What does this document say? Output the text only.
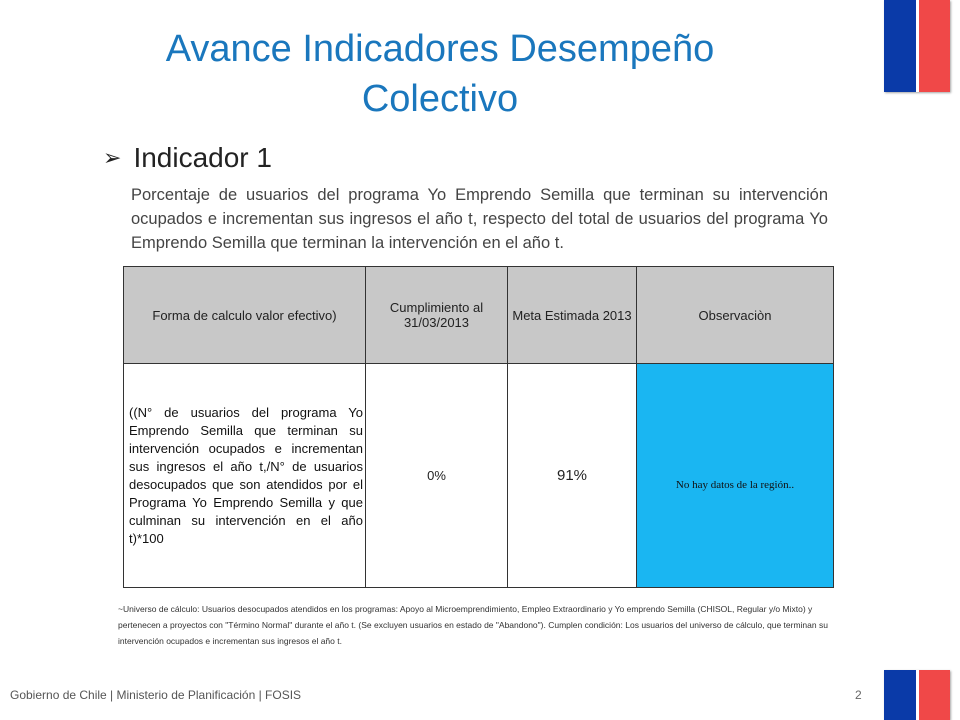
Avance Indicadores Desempeño
Colectivo
➢ Indicador 1
Porcentaje de usuarios del programa Yo Emprendo Semilla que terminan su intervención ocupados e incrementan sus ingresos el año t, respecto del total de usuarios del programa Yo Emprendo Semilla que terminan la intervención en el año t.
Forma de calculo valor efectivo)	Cumplimiento al 31/03/2013	Meta Estimada 2013	Observaciòn
((N° de usuarios del programa Yo Emprendo Semilla que terminan su intervención ocupados e incrementan sus ingresos el año t,/N° de usuarios desocupados que son atendidos por el Programa Yo Emprendo Semilla y que culminan su intervención en el año t)*100	0%	91%	No hay datos de la región..
~Universo de cálculo: Usuarios desocupados atendidos en los programas: Apoyo al Microemprendimiento, Empleo Extraordinario y Yo emprendo Semilla (CHISOL, Regular y/o Mixto) y pertenecen a proyectos con "Término Normal" durante el año t. (Se excluyen usuarios en estado de "Abandono"). Cumplen condición: Los usuarios del universo de cálculo, que terminan su intervención ocupados e incrementan sus ingresos el año t.
Gobierno de Chile | Ministerio de Planificación | FOSIS	2
